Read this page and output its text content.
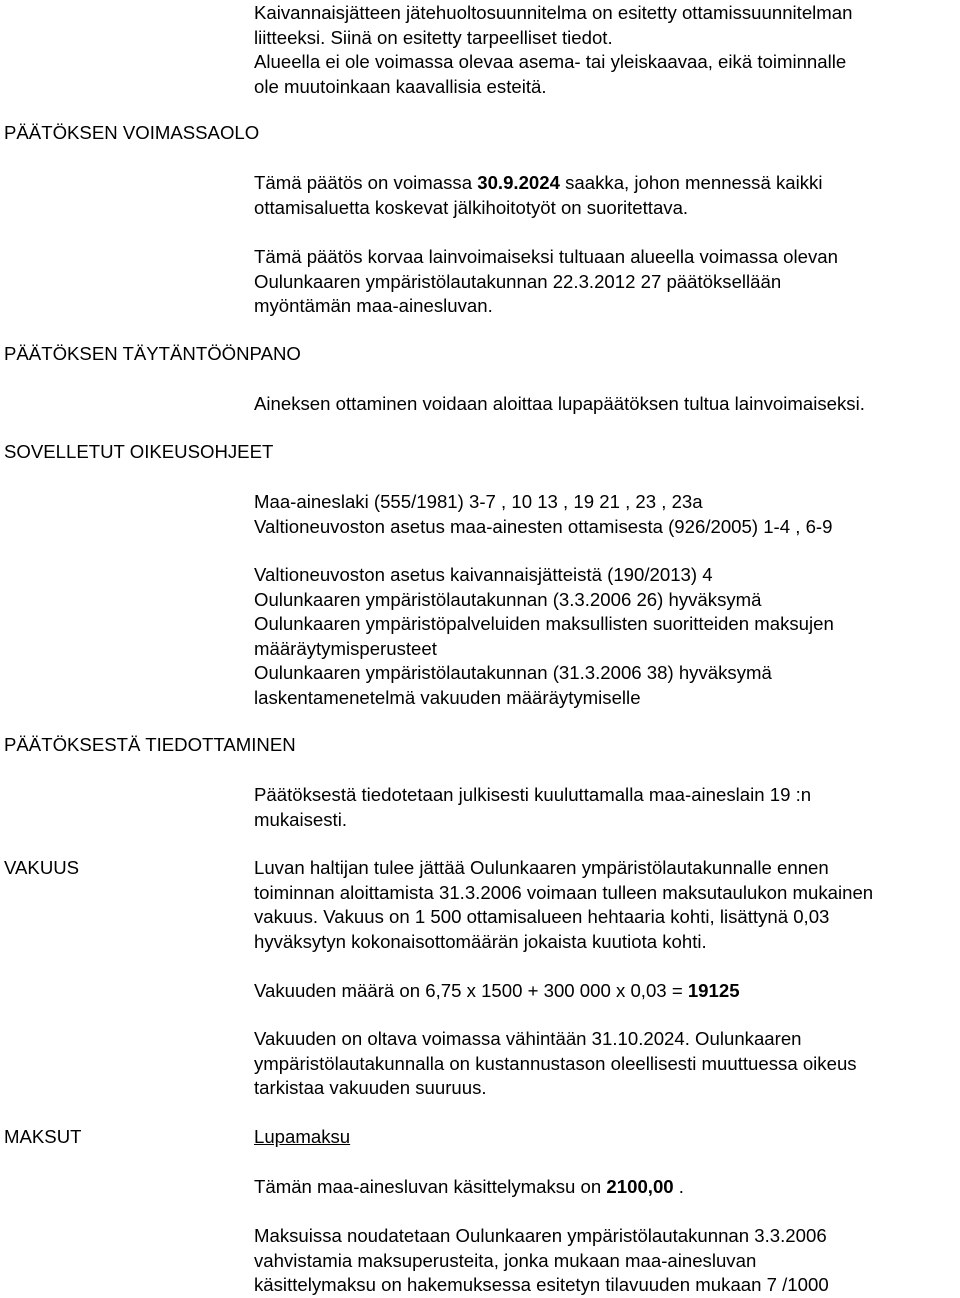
Kaivannaisjätteen jätehuoltosuunnitelma on esitetty ottamissuunnitelman
liitteeksi. Siinä on esitetty tarpeelliset tiedot.
Alueella ei ole voimassa olevaa asema- tai yleiskaavaa, eikä toiminnalle
ole muutoinkaan kaavallisia esteitä.
PÄÄTÖKSEN VOIMASSAOLO
PÄÄTÖKSEN TÄYTÄNTÖÖNPANO
SOVELLETUT OIKEUSOHJEET
PÄÄTÖKSESTÄ TIEDOTTAMINEN
VAKUUS
MAKSUT
Tämä päätös on voimassa 30.9.2024 saakka, johon mennessä kaikki
ottamisaluetta koskevat jälkihoitotyöt on suoritettava.
Tämä päätös korvaa lainvoimaiseksi tultuaan alueella voimassa olevan
Oulunkaaren ympäristölautakunnan 22.3.2012 27 päätöksellään
myöntämän maa-ainesluvan.
Aineksen ottaminen voidaan aloittaa lupapäätöksen tultua lainvoimaiseksi.
Maa-aineslaki (555/1981) 3-7 , 10 13 , 19 21 , 23 , 23a
Valtioneuvoston asetus maa-ainesten ottamisesta (926/2005) 1-4 , 6-9
Valtioneuvoston asetus kaivannaisjätteistä (190/2013) 4
Oulunkaaren ympäristölautakunnan (3.3.2006 26) hyväksymä
Oulunkaaren ympäristöpalveluiden maksullisten suoritteiden maksujen
määräytymisperusteet
Oulunkaaren ympäristölautakunnan (31.3.2006 38) hyväksymä
laskentamenetelmä vakuuden määräytymiselle
Päätöksestä tiedotetaan julkisesti kuuluttamalla maa-aineslain 19 :n
mukaisesti.
Luvan haltijan tulee jättää Oulunkaaren ympäristölautakunnalle ennen
toiminnan aloittamista 31.3.2006 voimaan tulleen maksutaulukon mukainen
vakuus. Vakuus on 1 500 ottamisalueen hehtaaria kohti, lisättynä 0,03
hyväksytyn kokonaisottomäärän jokaista kuutiota kohti.
Vakuuden määrä on 6,75 x 1500 + 300 000 x 0,03 = 19125
Vakuuden on oltava voimassa vähintään 31.10.2024. Oulunkaaren
ympäristölautakunnalla on kustannustason oleellisesti muuttuessa oikeus
tarkistaa vakuuden suuruus.
Lupamaksu
Tämän maa-ainesluvan käsittelymaksu on 2100,00 .
Maksuissa noudatetaan Oulunkaaren ympäristölautakunnan 3.3.2006
vahvistamia maksuperusteita, jonka mukaan maa-ainesluvan
käsittelymaksu on hakemuksessa esitetyn tilavuuden mukaan 7 /1000
